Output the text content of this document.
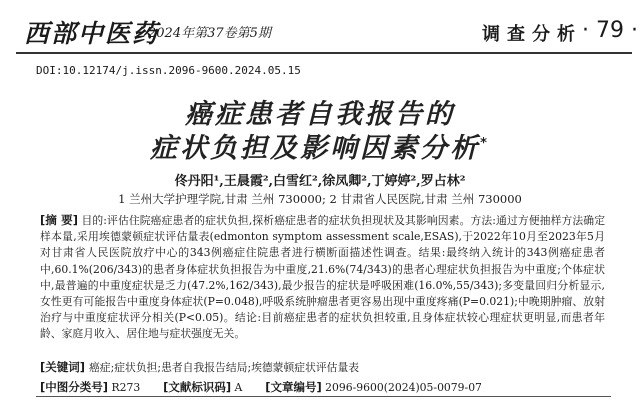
西部中医药
2024年第37卷第5期	调查分析 · 79 ·
DOI:10.12174/j.issn.2096-9600.2024.05.15
癌症患者自我报告的
症状负担及影响因素分析*
佟丹阳¹,王晨霞²,白雪红²,徐凤卿²,丁婷婷²,罗占林²
1 兰州大学护理学院,甘肃 兰州 730000; 2 甘肃省人民医院,甘肃 兰州 730000
[摘 要] 目的:评估住院癌症患者的症状负担,探析癌症患者的症状负担现状及其影响因素。方法:通过方便抽样方法确定样本量,采用埃德蒙顿症状评估量表(edmonton symptom assessment scale,ESAS),于2022年10月至2023年5月对甘肃省人民医院放疗中心的343例癌症住院患者进行横断面描述性调查。结果:最终纳入统计的343例癌症患者中,60.1%(206/343)的患者身体症状负担报告为中重度,21.6%(74/343)的患者心理症状负担报告为中重度;个体症状中,最普遍的中重度症状是乏力(47.2%,162/343),最少报告的症状是呼吸困难(16.0%,55/343);多变量回归分析显示,女性更有可能报告中重度身体症状(P=0.048),呼吸系统肿瘤患者更容易出现中重度疼痛(P=0.021);中晚期肿瘤、放射治疗与中重度症状评分相关(P<0.05)。结论:目前癌症患者的症状负担较重,且身体症状较心理症状更明显,而患者年龄、家庭月收入、居住地与症状强度无关。
[关键词] 癌症;症状负担;患者自我报告结局;埃德蒙顿症状评估量表
[中图分类号] R273 [文献标识码] A [文章编号] 2096-9600(2024)05-0079-07
